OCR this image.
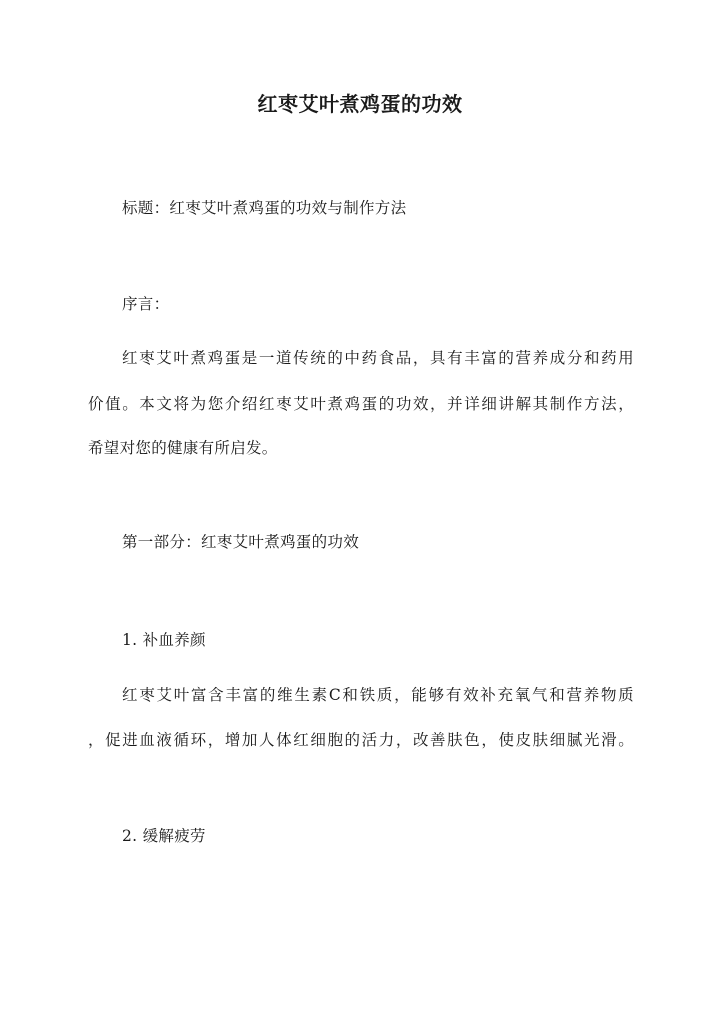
红枣艾叶煮鸡蛋的功效

标题：红枣艾叶煮鸡蛋的功效与制作方法

序言：

红枣艾叶煮鸡蛋是一道传统的中药食品，具有丰富的营养成分和药用

价值。本文将为您介绍红枣艾叶煮鸡蛋的功效，并详细讲解其制作方法，

希望对您的健康有所启发。

第一部分：红枣艾叶煮鸡蛋的功效

1. 补血养颜

红枣艾叶富含丰富的维生素C和铁质，能够有效补充氧气和营养物质

，促进血液循环，增加人体红细胞的活力，改善肤色，使皮肤细腻光滑。

2. 缓解疲劳
